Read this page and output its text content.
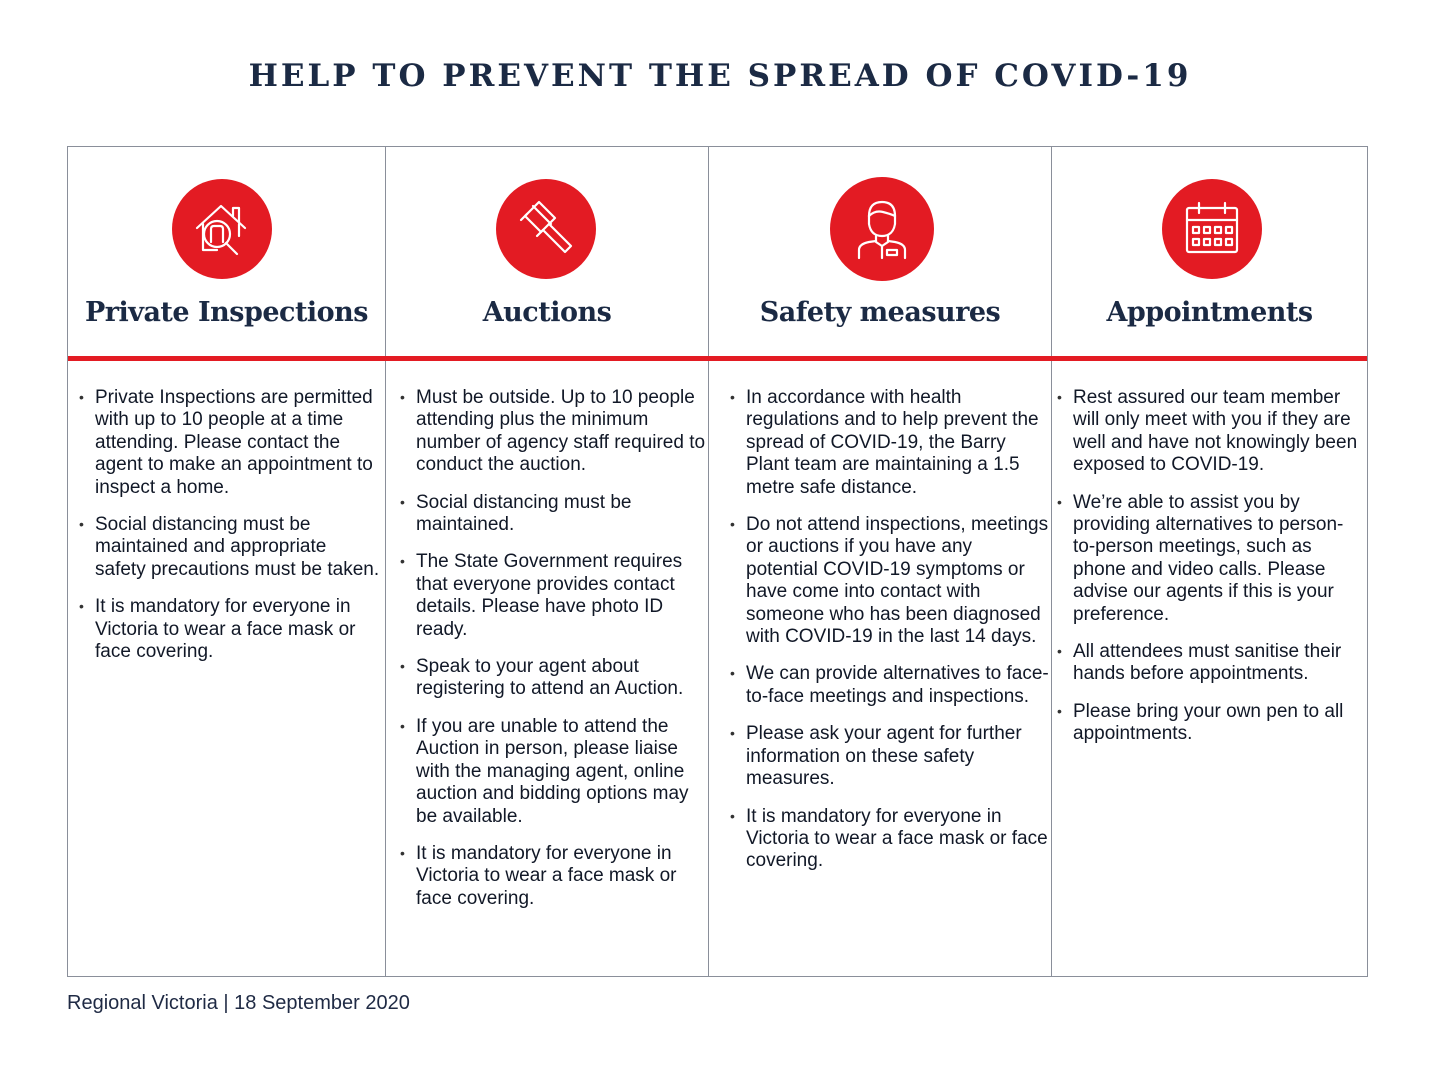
HELP TO PREVENT THE SPREAD OF COVID-19
Private Inspections
• Private Inspections are permitted with up to 10 people at a time attending. Please contact the agent to make an appointment to inspect a home.
• Social distancing must be maintained and appropriate safety precautions must be taken.
• It is mandatory for everyone in Victoria to wear a face mask or face covering.
Auctions
• Must be outside. Up to 10 people attending plus the minimum number of agency staff required to conduct the auction.
• Social distancing must be maintained.
• The State Government requires that everyone provides contact details. Please have photo ID ready.
• Speak to your agent about registering to attend an Auction.
• If you are unable to attend the Auction in person, please liaise with the managing agent, online auction and bidding options may be available.
• It is mandatory for everyone in Victoria to wear a face mask or face covering.
Safety measures
• In accordance with health regulations and to help prevent the spread of COVID-19, the Barry Plant team are maintaining a 1.5 metre safe distance.
• Do not attend inspections, meetings or auctions if you have any potential COVID-19 symptoms or have come into contact with someone who has been diagnosed with COVID-19 in the last 14 days.
• We can provide alternatives to face-to-face meetings and inspections.
• Please ask your agent for further information on these safety measures.
• It is mandatory for everyone in Victoria to wear a face mask or face covering.
Appointments
• Rest assured our team member will only meet with you if they are well and have not knowingly been exposed to COVID-19.
• We’re able to assist you by providing alternatives to person-to-person meetings, such as phone and video calls. Please advise our agents if this is your preference.
• All attendees must sanitise their hands before appointments.
• Please bring your own pen to all appointments.
Regional Victoria | 18 September 2020
